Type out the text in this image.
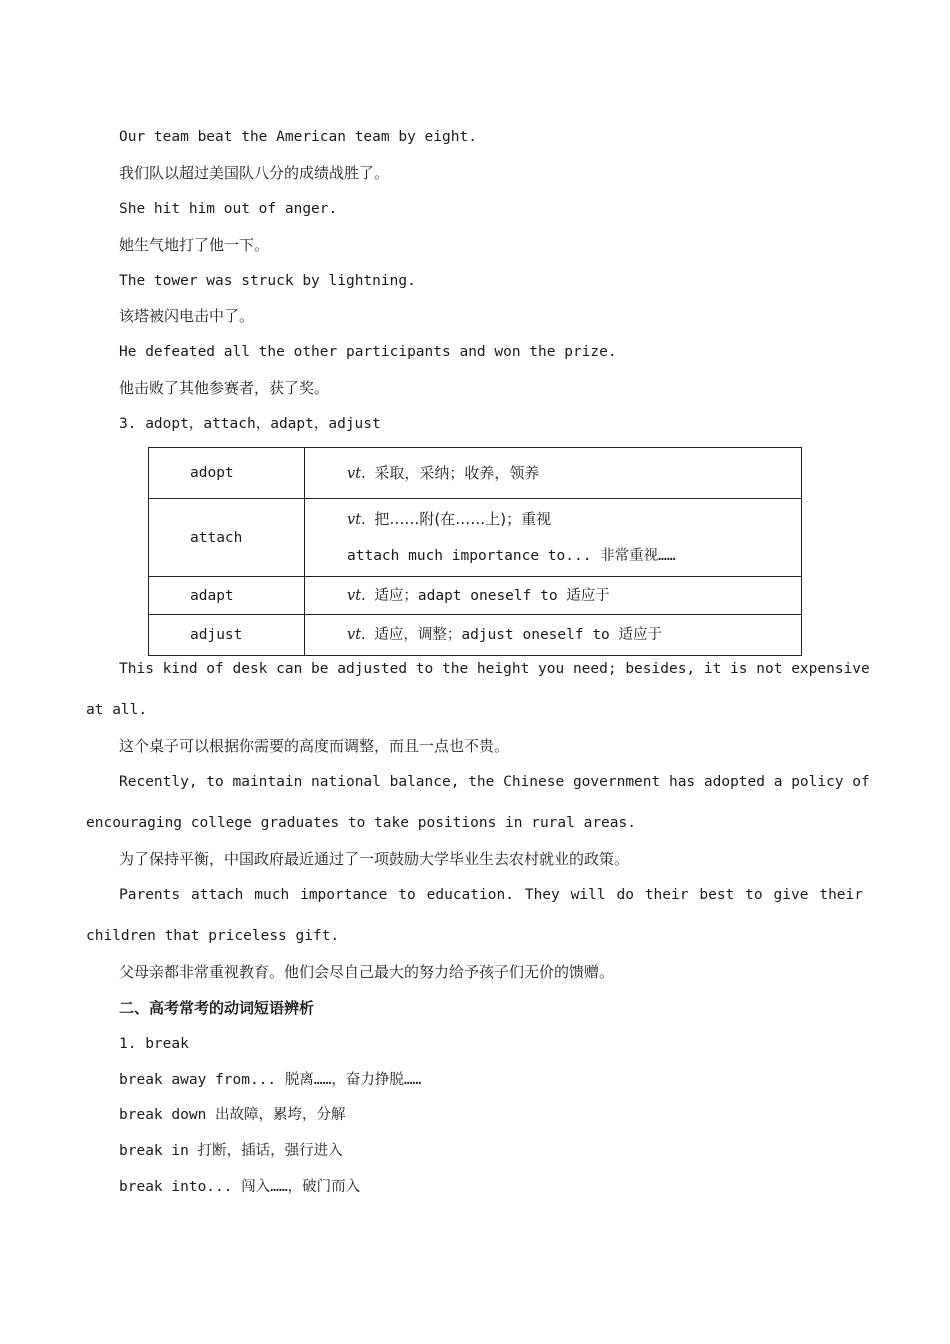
Our team beat the American team by eight.
我们队以超过美国队八分的成绩战胜了。
She hit him out of anger.
她生气地打了他一下。
The tower was struck by lightning.
该塔被闪电击中了。
He defeated all the other participants and won the prize.
他击败了其他参赛者，获了奖。
3. adopt，attach，adapt，adjust
adopt	vt. 采取，采纳；收养，领养

attach	vt. 把……附(在……上)；重视
attach much importance to... 非常重视……

adapt	vt. 适应；adapt oneself to 适应于

adjust	vt. 适应，调整；adjust oneself to 适应于
This kind of desk can be adjusted to the height you need; besides, it is not expensive
at all.
这个桌子可以根据你需要的高度而调整，而且一点也不贵。
Recently, to maintain national balance, the Chinese government has adopted a policy of
encouraging college graduates to take positions in rural areas.
为了保持平衡，中国政府最近通过了一项鼓励大学毕业生去农村就业的政策。
Parents attach much importance to education. They will do their best to give their
children that priceless gift.
父母亲都非常重视教育。他们会尽自己最大的努力给予孩子们无价的馈赠。
二、高考常考的动词短语辨析
1. break
break away from... 脱离……，奋力挣脱……
break down 出故障，累垮，分解
break in 打断，插话，强行进入
break into... 闯入……，破门而入
